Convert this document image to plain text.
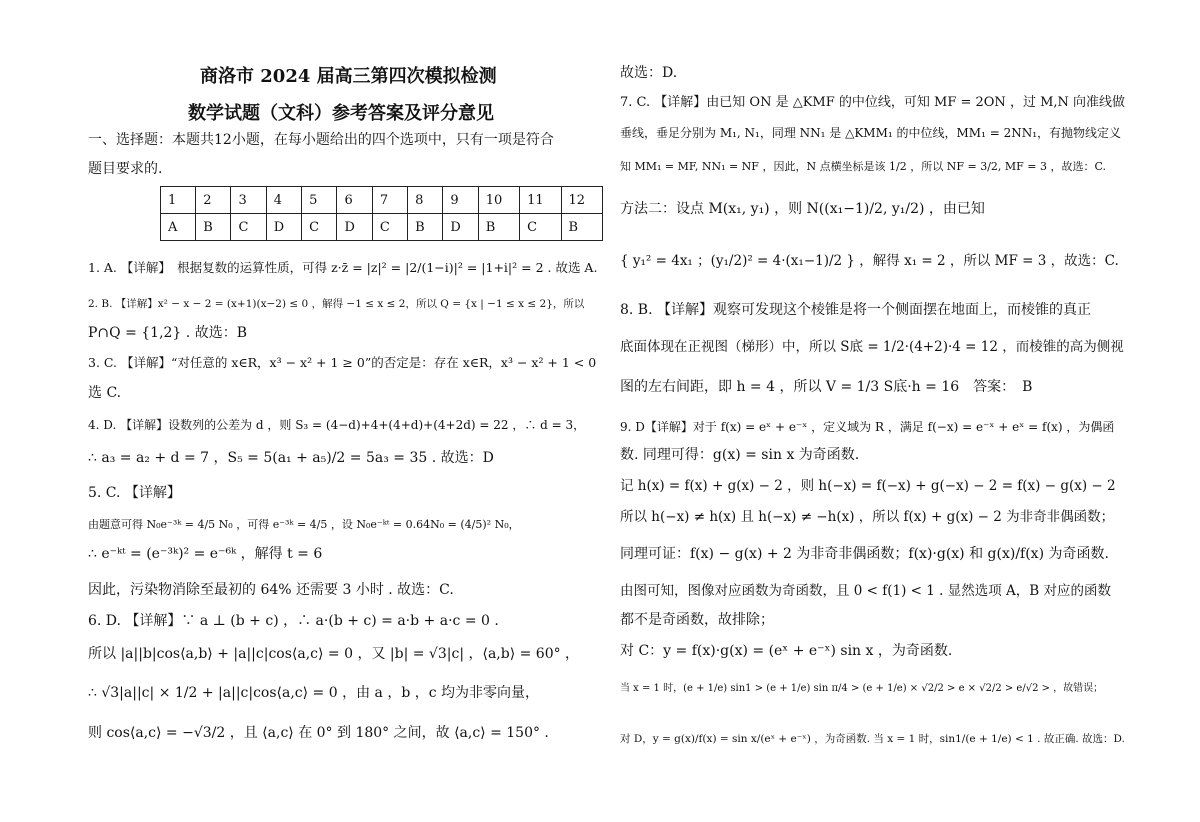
商洛市 2024 届高三第四次模拟检测
数学试题（文科）参考答案及评分意见
一、选择题：本题共12小题，在每小题给出的四个选项中，只有一项是符合
题目要求的.
1	2	3	4	5	6	7	8	9	10	11	12
A	B	C	D	C	D	C	B	D	B	C	B
1. A. 【详解】　根据复数的运算性质，可得 z·z̄ = |z|² = |2/(1−i)|² = |1+i|² = 2 . 故选 A.
2. B. 【详解】x² − x − 2 = (x+1)(x−2) ≤ 0 ，解得 −1 ≤ x ≤ 2，所以 Q = {x | −1 ≤ x ≤ 2}，所以
P∩Q = {1,2} . 故选：B
3. C. 【详解】“对任意的 x∈R，x³ − x² + 1 ≥ 0”的否定是：存在 x∈R，x³ − x² + 1 < 0
选 C.
4. D. 【详解】设数列的公差为 d ，则 S₃ = (4−d)+4+(4+d)+(4+2d) = 22 ，∴ d = 3，
∴ a₃ = a₂ + d = 7 ，S₅ = 5(a₁ + a₅)/2 = 5a₃ = 35 . 故选：D
5. C. 【详解】
由题意可得 N₀e⁻³ᵏ = 4/5 N₀ ，可得 e⁻³ᵏ = 4/5 ，设 N₀e⁻ᵏᵗ = 0.64N₀ = (4/5)² N₀，
∴ e⁻ᵏᵗ = (e⁻³ᵏ)² = e⁻⁶ᵏ ，解得 t = 6
因此，污染物消除至最初的 64% 还需要 3 小时 . 故选：C.
6. D. 【详解】∵ a ⊥ (b + c) ，∴ a·(b + c) = a·b + a·c = 0 .
所以 |a||b|cos⟨a,b⟩ + |a||c|cos⟨a,c⟩ = 0 ，又 |b| = √3|c| ，⟨a,b⟩ = 60° ，
∴ √3|a||c| × 1/2 + |a||c|cos⟨a,c⟩ = 0 ，由 a ，b ，c 均为非零向量，
则 cos⟨a,c⟩ = −√3/2 ，且 ⟨a,c⟩ 在 0° 到 180° 之间，故 ⟨a,c⟩ = 150° .
故选：D.
7. C. 【详解】由已知 ON 是 △KMF 的中位线，可知 MF = 2ON ，过 M,N 向准线做
垂线，垂足分别为 M₁, N₁，同理 NN₁ 是 △KMM₁ 的中位线，MM₁ = 2NN₁，有抛物线定义
知 MM₁ = MF, NN₁ = NF ，因此，N 点横坐标是该 1/2 ，所以 NF = 3/2, MF = 3 ，故选：C.
方法二：设点 M(x₁, y₁) ，则 N((x₁−1)/2, y₁/2) ，由已知
{ y₁² = 4x₁ ；(y₁/2)² = 4·(x₁−1)/2 } ，解得 x₁ = 2 ，所以 MF = 3 ，故选：C.
8. B. 【详解】观察可发现这个棱锥是将一个侧面摆在地面上，而棱锥的真正
底面体现在正视图（梯形）中，所以 S底 = 1/2·(4+2)·4 = 12 ，而棱锥的高为侧视
图的左右间距，即 h = 4 ，所以 V = 1/3 S底·h = 16　答案：　B
9. D【详解】对于 f(x) = eˣ + e⁻ˣ ，定义域为 R ，满足 f(−x) = e⁻ˣ + eˣ = f(x) ，为偶函
数. 同理可得：g(x) = sin x 为奇函数.
记 h(x) = f(x) + g(x) − 2 ，则 h(−x) = f(−x) + g(−x) − 2 = f(x) − g(x) − 2
所以 h(−x) ≠ h(x) 且 h(−x) ≠ −h(x) ，所以 f(x) + g(x) − 2 为非奇非偶函数；
同理可证：f(x) − g(x) + 2 为非奇非偶函数；f(x)·g(x) 和 g(x)/f(x) 为奇函数.
由图可知，图像对应函数为奇函数，且 0 < f(1) < 1 . 显然选项 A，B 对应的函数
都不是奇函数，故排除；
对 C：y = f(x)·g(x) = (eˣ + e⁻ˣ) sin x ，为奇函数.
当 x = 1 时，(e + 1/e) sin1 > (e + 1/e) sin π/4 > (e + 1/e) × √2/2 > e × √2/2 > e/√2 > ，故错误；
对 D，y = g(x)/f(x) = sin x/(eˣ + e⁻ˣ) ，为奇函数. 当 x = 1 时，sin1/(e + 1/e) < 1 . 故正确. 故选：D.
